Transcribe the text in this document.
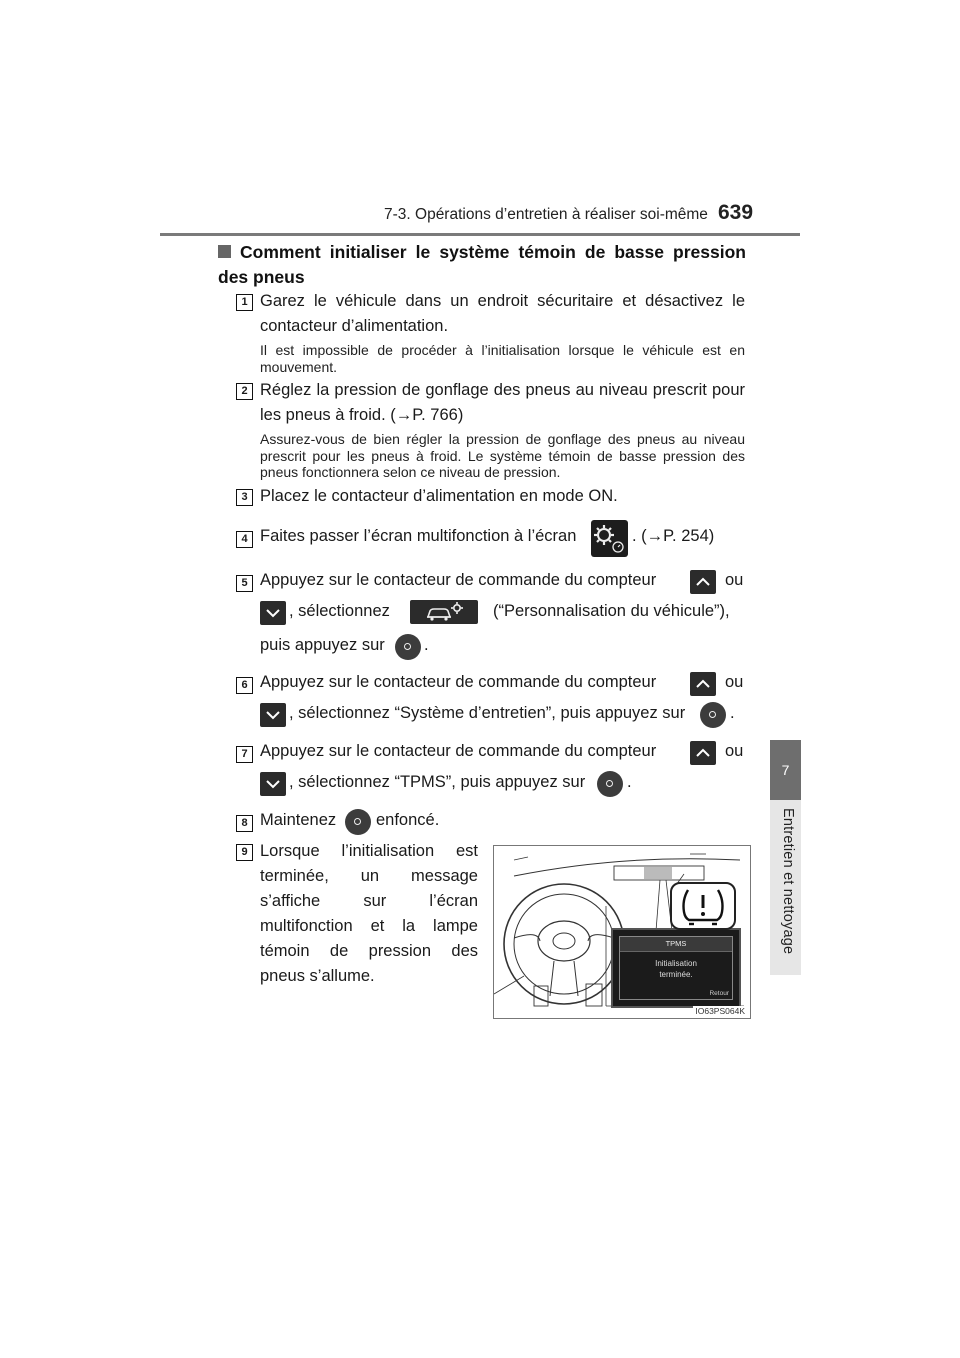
7-3. Opérations d’entretien à réaliser soi-même 639
7
Entretien et nettoyage
Comment initialiser le système témoin de basse pression des pneus
1 Garez le véhicule dans un endroit sécuritaire et désactivez le contacteur d’alimentation.
Il est impossible de procéder à l’initialisation lorsque le véhicule est en mouvement.
2 Réglez la pression de gonflage des pneus au niveau prescrit pour les pneus à froid. (→P. 766)
Assurez-vous de bien régler la pression de gonflage des pneus au niveau prescrit pour les pneus à froid. Le système témoin de basse pression des pneus fonctionnera selon ce niveau de pression.
3 Placez le contacteur d’alimentation en mode ON.
4 Faites passer l’écran multifonction à l’écran	. (→P. 254)
5 Appuyez sur le contacteur de commande du compteur	ou
, sélectionnez	(“Personnalisation du véhicule”),
puis appuyez sur .
6 Appuyez sur le contacteur de commande du compteur	ou
, sélectionnez “Système d’entretien”, puis appuyez sur	.
7 Appuyez sur le contacteur de commande du compteur	ou
, sélectionnez “TPMS”, puis appuyez sur	.
8 Maintenez enfoncé.
9 Lorsque l’initialisation est terminée, un message s’affiche sur l’écran multifonction et la lampe témoin de pression des pneus s’allume.
TPMS
Initialisation
terminée.
Retour
IO63PS064K
